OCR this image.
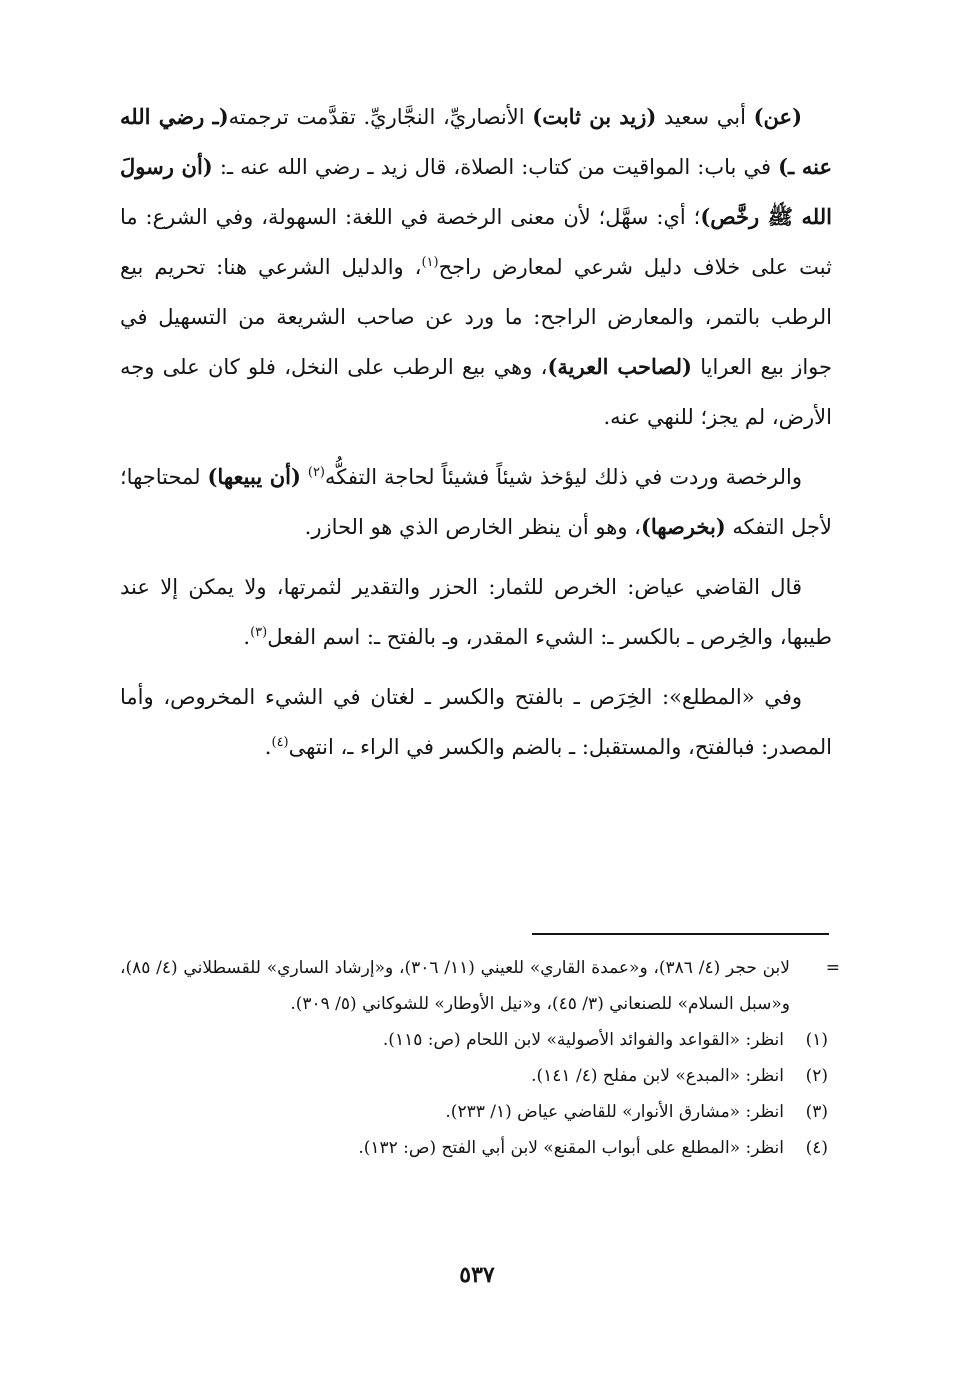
(عن) أبي سعيد (زيد بن ثابت) الأنصاريِّ، النجَّاريِّ. تقدَّمت ترجمته(ـ رضي الله عنه ـ) في باب: المواقيت من كتاب: الصلاة، قال زيد ـ رضي الله عنه ـ: (أن رسولَ الله ﷺ رخَّص)؛ أي: سهَّل؛ لأن معنى الرخصة في اللغة: السهولة، وفي الشرع: ما ثبت على خلاف دليل شرعي لمعارض راجح$^{(١)}$، والدليل الشرعي هنا: تحريم بيع الرطب بالتمر، والمعارض الراجح: ما ورد عن صاحب الشريعة من التسهيل في جواز بيع العرايا (لصاحب العرية)، وهي بيع الرطب على النخل، فلو كان على وجه الأرض، لم يجز؛ للنهي عنه.

والرخصة وردت في ذلك ليؤخذ شيئاً فشيئاً لحاجة التفكُّه$^{(٢)}$ (أن يبيعها) لمحتاجها؛ لأجل التفكه (بخرصها)، وهو أن ينظر الخارص الذي هو الحازر.

قال القاضي عياض: الخرص للثمار: الحزر والتقدير لثمرتها، ولا يمكن إلا عند طيبها، والخِرص ـ بالكسر ـ: الشيء المقدر، وـ بالفتح ـ: اسم الفعل$^{(٣)}$.

وفي «المطلع»: الخِرَص ـ بالفتح والكسر ـ لغتان في الشيء المخروص، وأما المصدر: فبالفتح، والمستقبل: ـ بالضم والكسر في الراء ـ، انتهى$^{(٤)}$.

=
لابن حجر (٤/ ٣٨٦)، و«عمدة القاري» للعيني (١١/ ٣٠٦)، و«إرشاد الساري» للقسطلاني (٤/ ٨٥)، و«سبل السلام» للصنعاني (٣/ ٤٥)، و«نيل الأوطار» للشوكاني (٥/ ٣٠٩).
(١)
انظر: «القواعد والفوائد الأصولية» لابن اللحام (ص: ١١٥).
(٢)
انظر: «المبدع» لابن مفلح (٤/ ١٤١).
(٣)
انظر: «مشارق الأنوار» للقاضي عياض (١/ ٢٣٣).
(٤)
انظر: «المطلع على أبواب المقنع» لابن أبي الفتح (ص: ١٣٢).
٥٣٧
